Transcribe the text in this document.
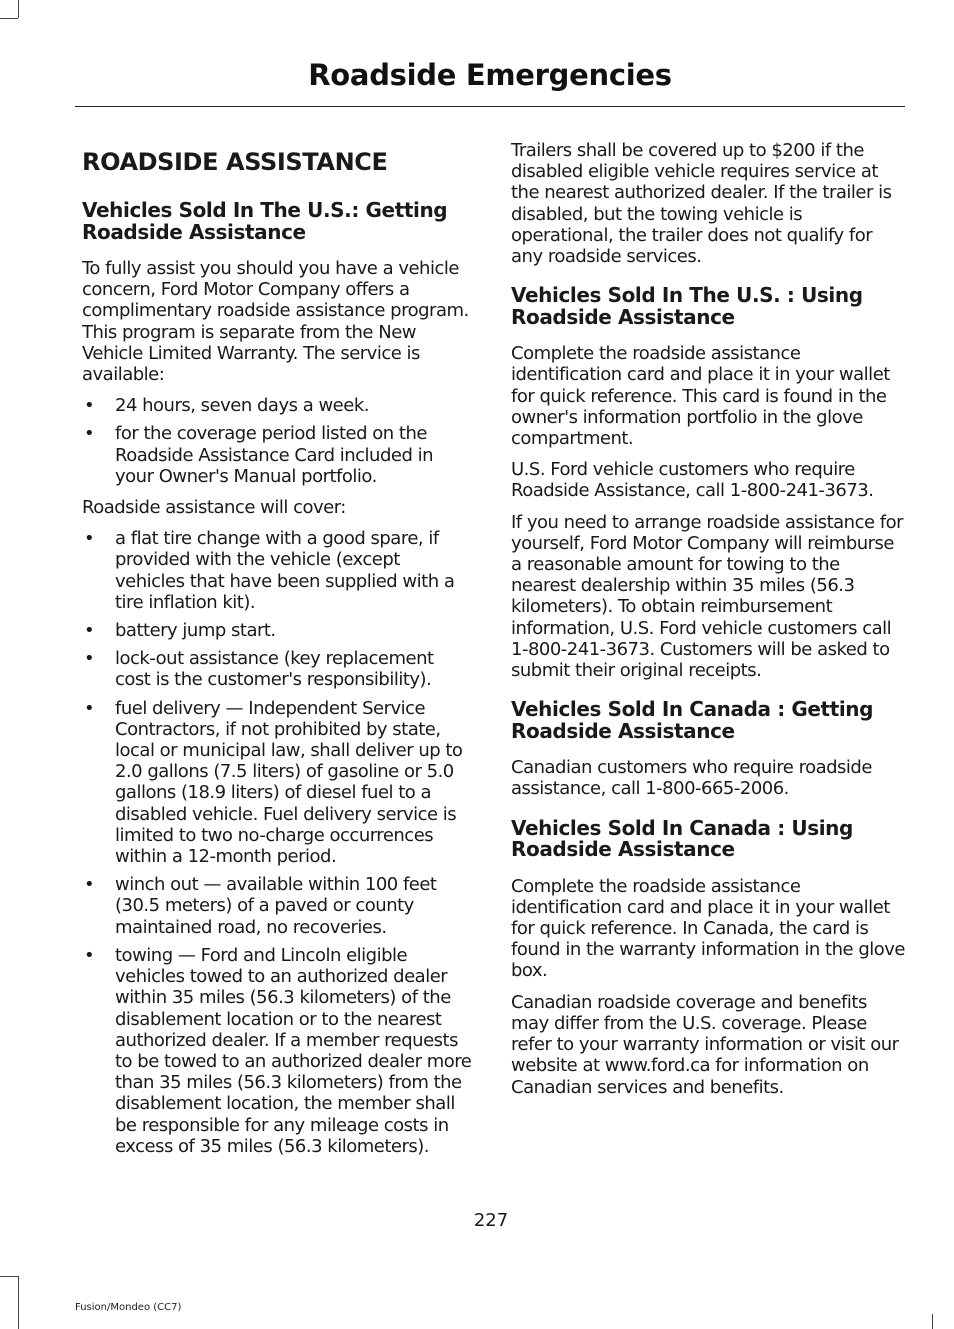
Roadside Emergencies
ROADSIDE ASSISTANCE
Vehicles Sold In The U.S.: Getting Roadside Assistance

To fully assist you should you have a vehicle concern, Ford Motor Company offers a complimentary roadside assistance program. This program is separate from the New Vehicle Limited Warranty. The service is available:

• 24 hours, seven days a week.
• for the coverage period listed on the Roadside Assistance Card included in your Owner's Manual portfolio.

Roadside assistance will cover:

• a flat tire change with a good spare, if provided with the vehicle (except vehicles that have been supplied with a tire inflation kit).
• battery jump start.
• lock-out assistance (key replacement cost is the customer's responsibility).
• fuel delivery — Independent Service Contractors, if not prohibited by state, local or municipal law, shall deliver up to 2.0 gallons (7.5 liters) of gasoline or 5.0 gallons (18.9 liters) of diesel fuel to a disabled vehicle. Fuel delivery service is limited to two no-charge occurrences within a 12-month period.
• winch out — available within 100 feet (30.5 meters) of a paved or county maintained road, no recoveries.
• towing — Ford and Lincoln eligible vehicles towed to an authorized dealer within 35 miles (56.3 kilometers) of the disablement location or to the nearest authorized dealer. If a member requests to be towed to an authorized dealer more than 35 miles (56.3 kilometers) from the disablement location, the member shall be responsible for any mileage costs in excess of 35 miles (56.3 kilometers).

Trailers shall be covered up to $200 if the disabled eligible vehicle requires service at the nearest authorized dealer. If the trailer is disabled, but the towing vehicle is operational, the trailer does not qualify for any roadside services.

Vehicles Sold In The U.S. : Using Roadside Assistance

Complete the roadside assistance identification card and place it in your wallet for quick reference. This card is found in the owner's information portfolio in the glove compartment.

U.S. Ford vehicle customers who require Roadside Assistance, call 1-800-241-3673.

If you need to arrange roadside assistance for yourself, Ford Motor Company will reimburse a reasonable amount for towing to the nearest dealership within 35 miles (56.3 kilometers). To obtain reimbursement information, U.S. Ford vehicle customers call 1-800-241-3673. Customers will be asked to submit their original receipts.

Vehicles Sold In Canada : Getting Roadside Assistance

Canadian customers who require roadside assistance, call 1-800-665-2006.

Vehicles Sold In Canada : Using Roadside Assistance

Complete the roadside assistance identification card and place it in your wallet for quick reference. In Canada, the card is found in the warranty information in the glove box.

Canadian roadside coverage and benefits may differ from the U.S. coverage. Please refer to your warranty information or visit our website at www.ford.ca for information on Canadian services and benefits.

227
Fusion/Mondeo (CC7)
